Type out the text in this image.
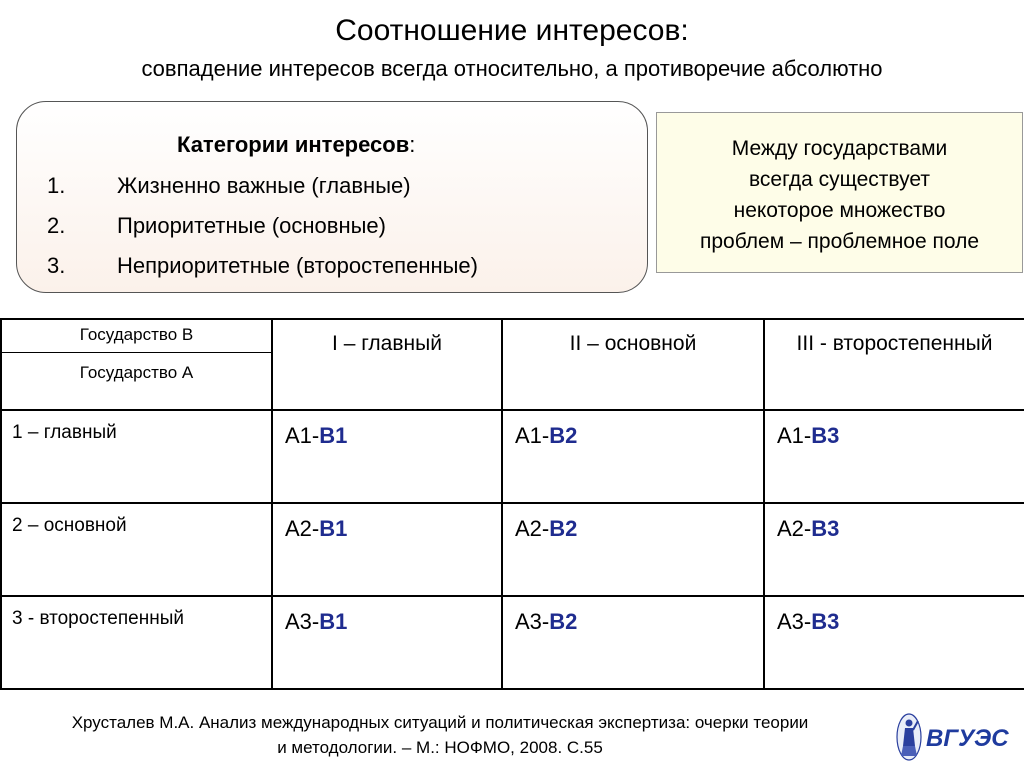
Соотношение интересов:
совпадение интересов всегда относительно, а противоречие абсолютно
Категории интересов:
1. Жизненно важные (главные)
2. Приоритетные (основные)
3. Неприоритетные (второстепенные)
Между государствами
всегда существует
некоторое множество
проблем – проблемное поле
Государство В
Государство А	I – главный	II – основной	III - второстепенный
1 – главный	А1-В1	А1-В2	А1-В3
2 – основной	А2-В1	А2-В2	А2-В3
3 - второстепенный	А3-В1	А3-В2	А3-В3
Хрусталев М.А. Анализ международных ситуаций и политическая экспертиза: очерки теории
и методологии. – М.: НОФМО, 2008. С.55	ВГУЭС
